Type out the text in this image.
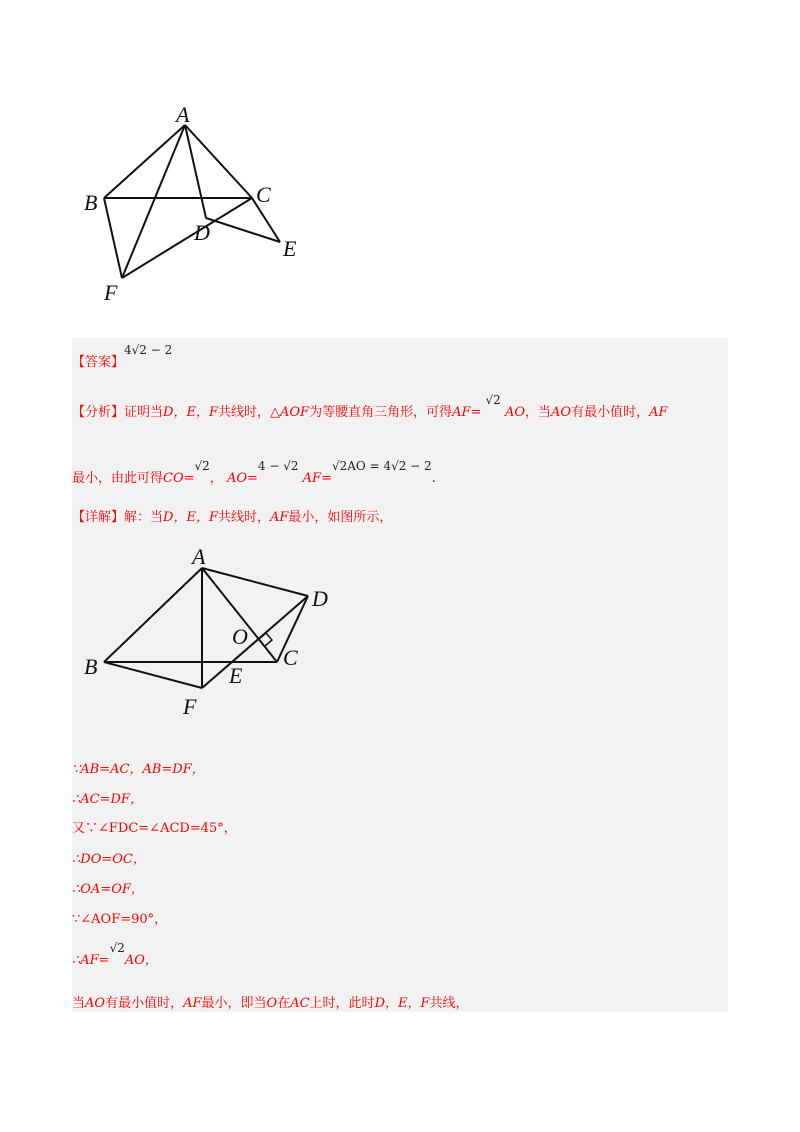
A
B	C
D
E
F
【答案】4√2 − 2
【分析】证明当D，E，F共线时，△AOF为等腰直角三角形，可得AF= √2 AO，当AO有最小值时，AF
最小，由此可得CO=√2， AO=4 − √2 AF=√2AO = 4√2 − 2.
【详解】解：当D，E，F共线时，AF最小，如图所示，
A
B	C
D
E
F
O
∵AB=AC，AB=DF，
∴AC=DF，
又∵∠FDC=∠ACD=45°，
∴DO=OC，
∴OA=OF，
∵∠AOF=90°，
∴AF=√2AO，
当AO有最小值时，AF最小，即当O在AC上时，此时D，E，F共线，
